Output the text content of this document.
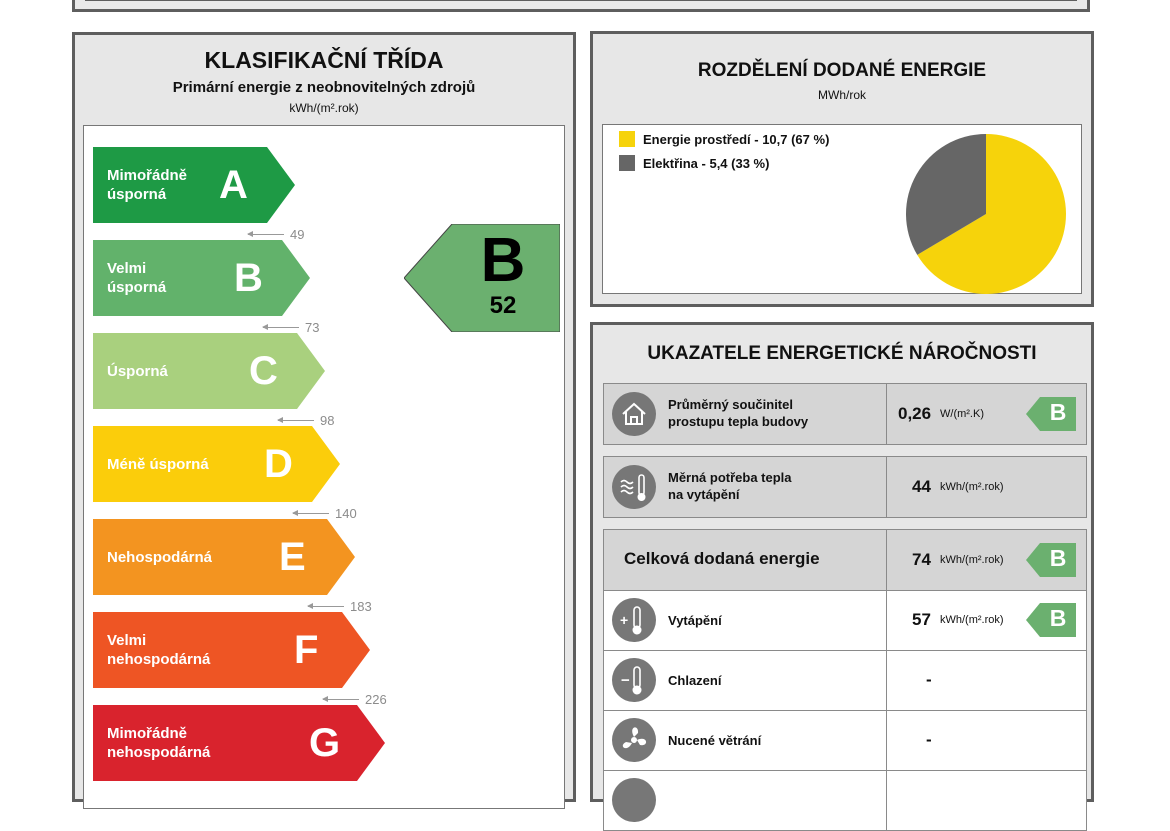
KLASIFIKAČNÍ TŘÍDA
Primární energie z neobnovitelných zdrojů
kWh/(m².rok)
Mimořádně
úsporná	A
Velmi
úsporná B
Úsporná C
Méně úsporná D
Nehospodárná E
Velmi
nehospodárná F
Mimořádně
nehospodárná G
49
73
98
140
183
226
B
52
ROZDĚLENÍ DODANÉ ENERGIE
MWh/rok
Energie prostředí - 10,7 (67 %)
Elektřina - 5,4 (33 %)
UKAZATELE ENERGETICKÉ NÁROČNOSTI
Průměrný součinitel
prostupu tepla budovy	0,26 W/(m².K)	B
Měrná potřeba tepla
na vytápění	44 kWh/(m².rok)
Celková dodaná energie	74 kWh/(m².rok)	B
+	Vytápění	57 kWh/(m².rok)	B
−	Chlazení	-
Nucené větrání	-
